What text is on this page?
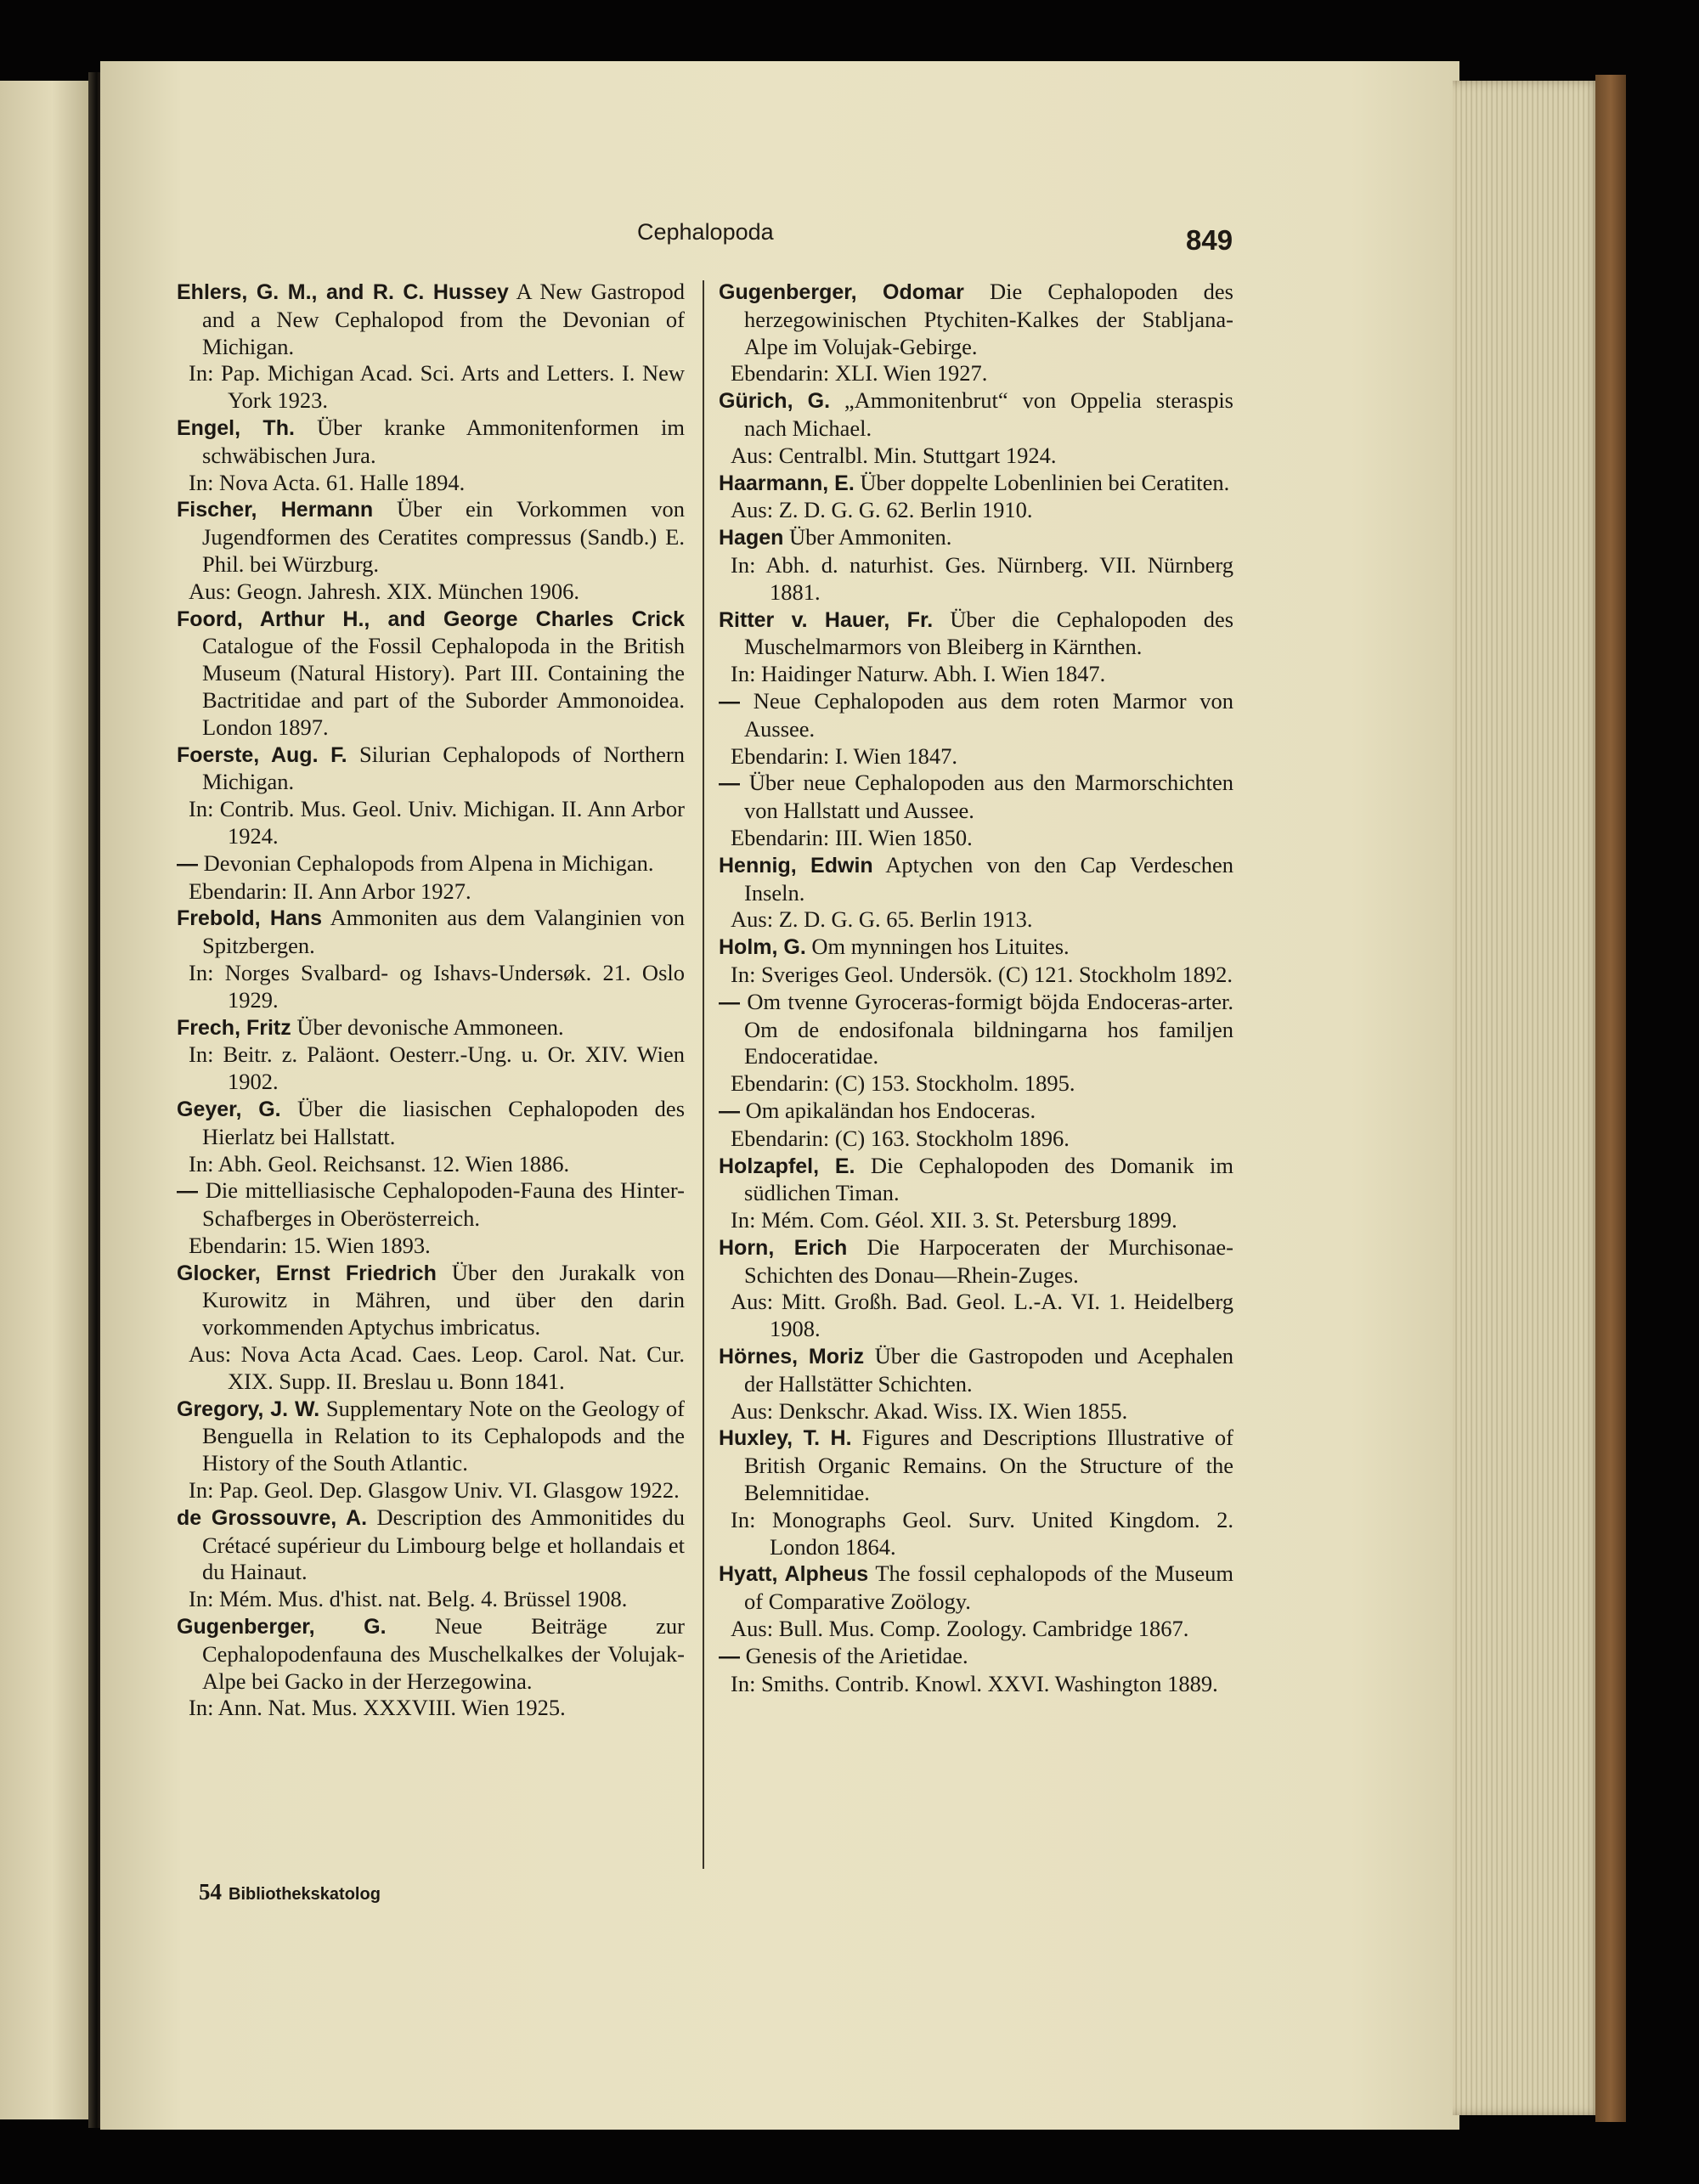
Cephalopoda	849

Ehlers, G. M., and R. C. Hussey A New Gastropod and a New Cephalopod from the Devonian of Michigan.

In: Pap. Michigan Acad. Sci. Arts and Letters. I. New York 1923.

Engel, Th. Über kranke Ammonitenformen im schwäbischen Jura.

In: Nova Acta. 61. Halle 1894.

Fischer, Hermann Über ein Vorkommen von Jugendformen des Ceratites compressus (Sandb.) E. Phil. bei Würzburg.

Aus: Geogn. Jahresh. XIX. München 1906.

Foord, Arthur H., and George Charles Crick Catalogue of the Fossil Cephalopoda in the British Museum (Natural History). Part III. Containing the Bactritidae and part of the Suborder Ammonoidea. London 1897.

Foerste, Aug. F. Silurian Cephalopods of Northern Michigan.

In: Contrib. Mus. Geol. Univ. Michigan. II. Ann Arbor 1924.

— Devonian Cephalopods from Alpena in Michigan.

Ebendarin: II. Ann Arbor 1927.

Frebold, Hans Ammoniten aus dem Valanginien von Spitzbergen.

In: Norges Svalbard- og Ishavs-Undersøk. 21. Oslo 1929.

Frech, Fritz Über devonische Ammoneen.

In: Beitr. z. Paläont. Oesterr.-Ung. u. Or. XIV. Wien 1902.

Geyer, G. Über die liasischen Cephalopoden des Hierlatz bei Hallstatt.

In: Abh. Geol. Reichsanst. 12. Wien 1886.

— Die mittelliasische Cephalopoden-Fauna des Hinter-Schafberges in Oberösterreich.

Ebendarin: 15. Wien 1893.

Glocker, Ernst Friedrich Über den Jurakalk von Kurowitz in Mähren, und über den darin vorkommenden Aptychus imbricatus.

Aus: Nova Acta Acad. Caes. Leop. Carol. Nat. Cur. XIX. Supp. II. Breslau u. Bonn 1841.

Gregory, J. W. Supplementary Note on the Geology of Benguella in Relation to its Cephalopods and the History of the South Atlantic.

In: Pap. Geol. Dep. Glasgow Univ. VI. Glasgow 1922.

de Grossouvre, A. Description des Ammonitides du Crétacé supérieur du Limbourg belge et hollandais et du Hainaut.

In: Mém. Mus. d'hist. nat. Belg. 4. Brüssel 1908.

Gugenberger, G. Neue Beiträge zur Cephalopodenfauna des Muschelkalkes der Volujak-Alpe bei Gacko in der Herzegowina.

In: Ann. Nat. Mus. XXXVIII. Wien 1925.

Gugenberger, Odomar Die Cephalopoden des herzegowinischen Ptychiten-Kalkes der Stabljana-Alpe im Volujak-Gebirge.

Ebendarin: XLI. Wien 1927.

Gürich, G. „Ammonitenbrut“ von Oppelia steraspis nach Michael.

Aus: Centralbl. Min. Stuttgart 1924.

Haarmann, E. Über doppelte Lobenlinien bei Ceratiten.

Aus: Z. D. G. G. 62. Berlin 1910.

Hagen Über Ammoniten.

In: Abh. d. naturhist. Ges. Nürnberg. VII. Nürnberg 1881.

Ritter v. Hauer, Fr. Über die Cephalopoden des Muschelmarmors von Bleiberg in Kärnthen.

In: Haidinger Naturw. Abh. I. Wien 1847.

— Neue Cephalopoden aus dem roten Marmor von Aussee.

Ebendarin: I. Wien 1847.

— Über neue Cephalopoden aus den Marmorschichten von Hallstatt und Aussee.

Ebendarin: III. Wien 1850.

Hennig, Edwin Aptychen von den Cap Verdeschen Inseln.

Aus: Z. D. G. G. 65. Berlin 1913.

Holm, G. Om mynningen hos Lituites.

In: Sveriges Geol. Undersök. (C) 121. Stockholm 1892.

— Om tvenne Gyroceras-formigt böjda Endoceras-arter. Om de endosifonala bildningarna hos familjen Endoceratidae.

Ebendarin: (C) 153. Stockholm. 1895.

— Om apikaländan hos Endoceras.

Ebendarin: (C) 163. Stockholm 1896.

Holzapfel, E. Die Cephalopoden des Domanik im südlichen Timan.

In: Mém. Com. Géol. XII. 3. St. Petersburg 1899.

Horn, Erich Die Harpoceraten der Murchisonae-Schichten des Donau—Rhein-Zuges.

Aus: Mitt. Großh. Bad. Geol. L.-A. VI. 1. Heidelberg 1908.

Hörnes, Moriz Über die Gastropoden und Acephalen der Hallstätter Schichten.

Aus: Denkschr. Akad. Wiss. IX. Wien 1855.

Huxley, T. H. Figures and Descriptions Illustrative of British Organic Remains. On the Structure of the Belemnitidae.

In: Monographs Geol. Surv. United Kingdom. 2. London 1864.

Hyatt, Alpheus The fossil cephalopods of the Museum of Comparative Zoölogy.

Aus: Bull. Mus. Comp. Zoology. Cambridge 1867.

— Genesis of the Arietidae.

In: Smiths. Contrib. Knowl. XXVI. Washington 1889.

54 Bibliothekskatolog
